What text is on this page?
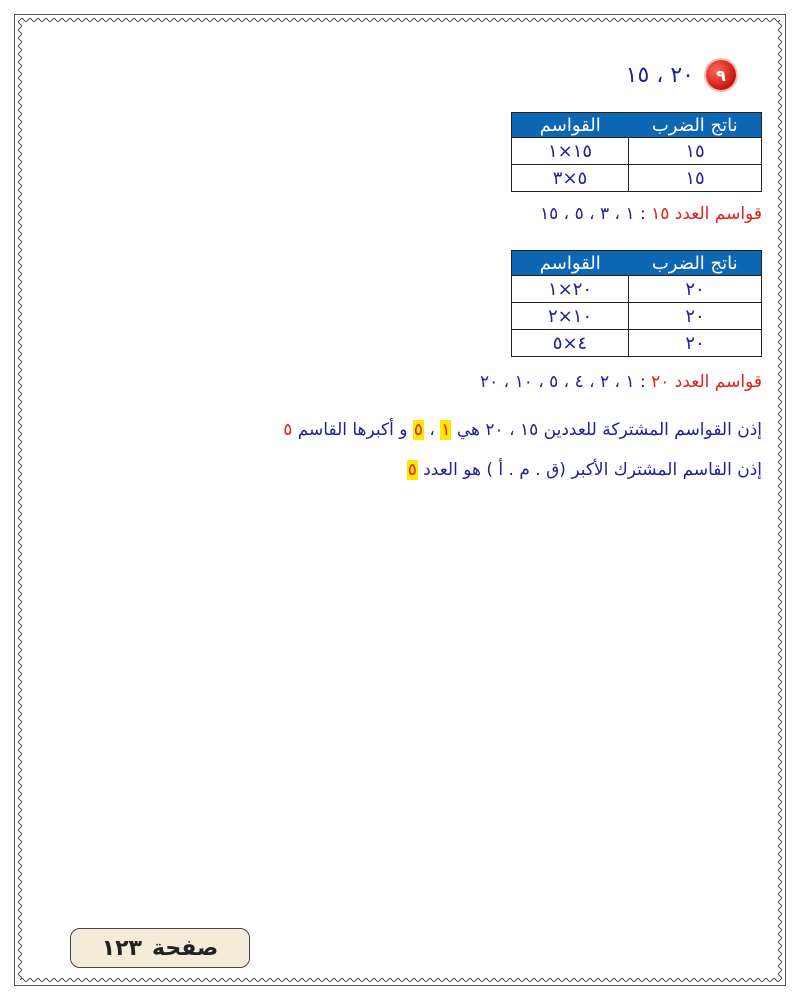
٢٠ ، ١٥	٩
ناتج الضرب	القواسم
١٥	١٥×١
١٥	٥×٣
قواسم العدد ١٥ : ١ ، ٣ ، ٥ ، ١٥
ناتج الضرب	القواسم
٢٠	٢٠×١
٢٠	١٠×٢
٢٠	٤×٥
قواسم العدد ٢٠ : ١ ، ٢ ، ٤ ، ٥ ، ١٠ ، ٢٠
إذن القواسم المشتركة للعددين ١٥ ، ٢٠ هي ١ ، ٥ و أكبرها القاسم ٥
إذن القاسم المشترك الأكبر (ق . م . أ ) هو العدد ٥
صفحة
١٢٣
